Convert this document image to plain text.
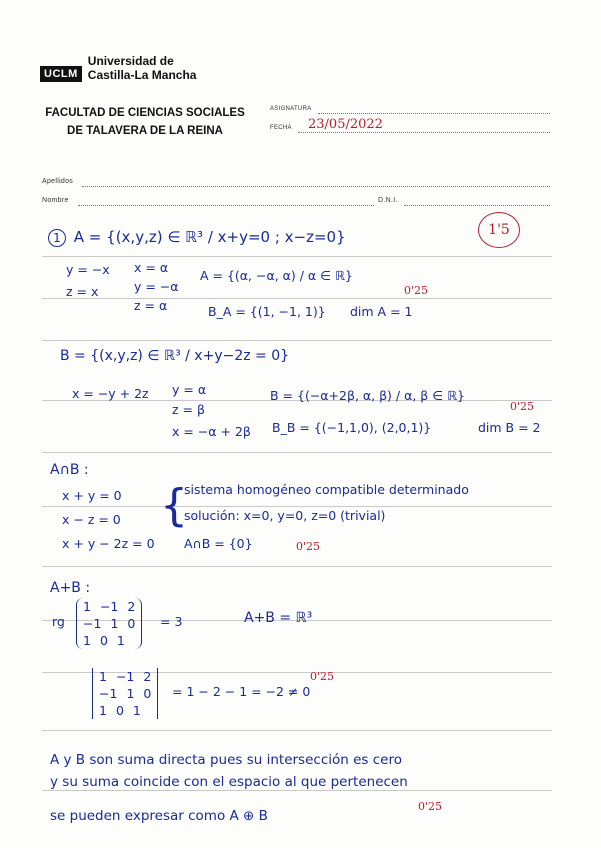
UCLM
Universidad de
Castilla-La Mancha
FACULTAD DE CIENCIAS SOCIALES
DE TALAVERA DE LA REINA
ASIGNATURA
FECHA 23/05/2022
Apellidos
Nombre	D.N.I.
1'5
1 A = {(x,y,z) ∈ ℝ³ / x+y=0 ; x−z=0}
y = −x
z = x
x = α
y = −α
z = α
A = {(α, −α, α) / α ∈ ℝ}
0'25
B_A = {(1, −1, 1)} dim A = 1
B = {(x,y,z) ∈ ℝ³ / x+y−2z = 0}
x = −y + 2z y = α
z = β
x = −α + 2β
B = {(−α+2β, α, β) / α, β ∈ ℝ}
0'25
B_B = {(−1,1,0), (2,0,1)}	dim B = 2
A∩B :
x + y = 0
x − z = 0
x + y − 2z = 0
{
sistema homogéneo compatible determinado
solución: x=0, y=0, z=0 (trivial)
A∩B = {0}	0'25
A+B :
rg
1 −1 2
−1 1 0
1 0 1
= 3	A+B = ℝ³
0'25
1 −1 2
−1 1 0
1 0 1
= 1 − 2 − 1 = −2 ≠ 0
A y B son suma directa pues su intersección es cero
y su suma coincide con el espacio al que pertenecen
se pueden expresar como A ⊕ B
0'25
